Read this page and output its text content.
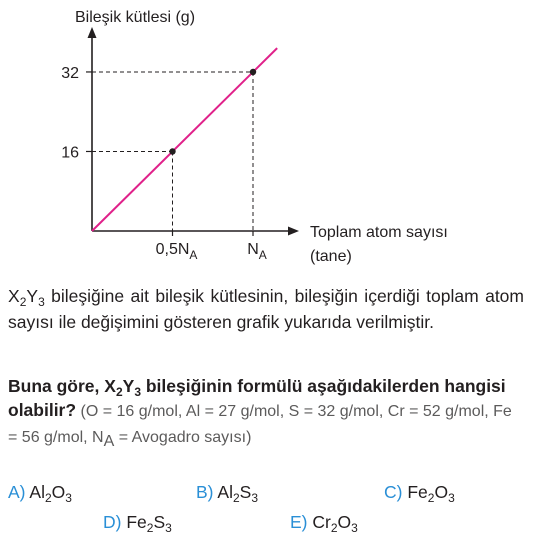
Bileşik kütlesi (g)
Toplam atom sayısı
(tane)
16
32
$0,5N_A$	$N_A$
$X_2Y_3$ bileşiğine ait bileşik kütlesinin, bileşiğin içerdiği toplam atom sayısı ile değişimini gösteren grafik yukarıda verilmiştir.
Buna göre, $X_2Y_3$ bileşiğinin formülü aşağıdakilerden hangisi olabilir? (O = 16 g/mol, Al = 27 g/mol, S = 32 g/mol, Cr = 52 g/mol, Fe = 56 g/mol, $N_A$ = Avogadro sayısı)
A) $Al_2O_3$	B) $Al_2S_3$	C) $Fe_2O_3$
D) $Fe_2S_3$	E) $Cr_2O_3$
